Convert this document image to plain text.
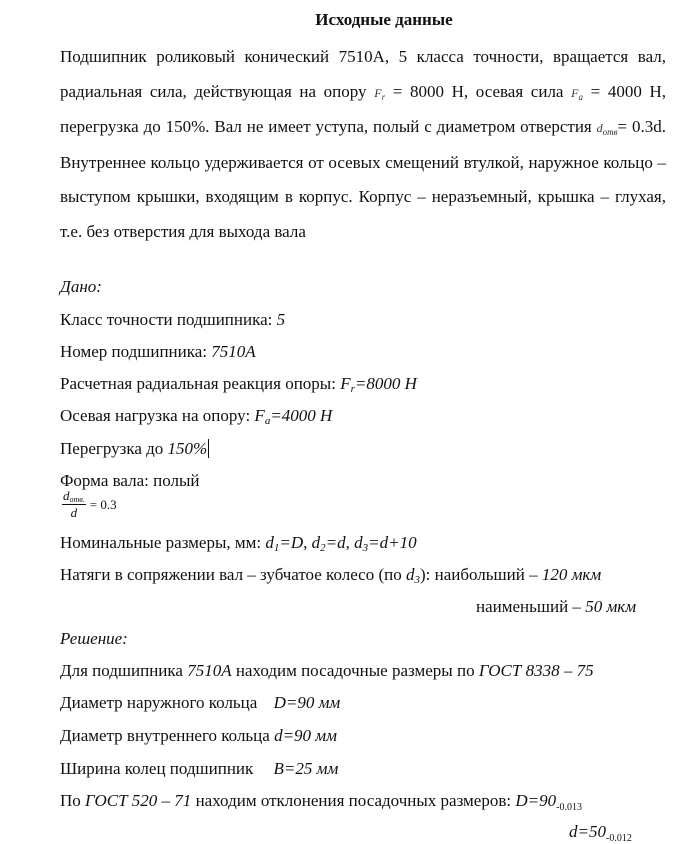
Исходные данные
Подшипник роликовый конический 7510А, 5 класса точности, вращается вал, радиальная сила, действующая на опору $F_r = 8000$ Н, осевая сила $F_a = 4000$ Н, перегрузка до 150%. Вал не имеет уступа, полый с диаметром отверстия $d_{отв}= 0.3d$. Внутреннее кольцо удерживается от осевых смещений втулкой, наружное кольцо – выступом крышки, входящим в корпус. Корпус – неразъемный, крышка – глухая, т.е. без отверстия для выхода вала
Дано:
Класс точности подшипника: 5
Номер подшипника: 7510А
Расчетная радиальная реакция опоры: $F_r=8000$ Н
Осевая нагрузка на опору: $F_a=4000$ Н
Перегрузка до 150%
Форма вала: полый
$\frac{d_{отв.}}{d} = 0.3$
Номинальные размеры, мм: $d_1=D$, $d_2=d$, $d_3=d+10$
Натяги в сопряжении вал – зубчатое колесо (по $d_3$): наибольший – 120 мкм
наименьший – 50 мкм
Решение:
Для подшипника 7510А находим посадочные размеры по ГОСТ 8338 – 75
Диаметр наружного кольца D=90 мм
Диаметр внутреннего кольца d=90 мм
Ширина колец подшипник B=25 мм
По ГОСТ 520 – 71 находим отклонения посадочных размеров: $D=90_{-0.013}$
$d=50_{-0.012}$
